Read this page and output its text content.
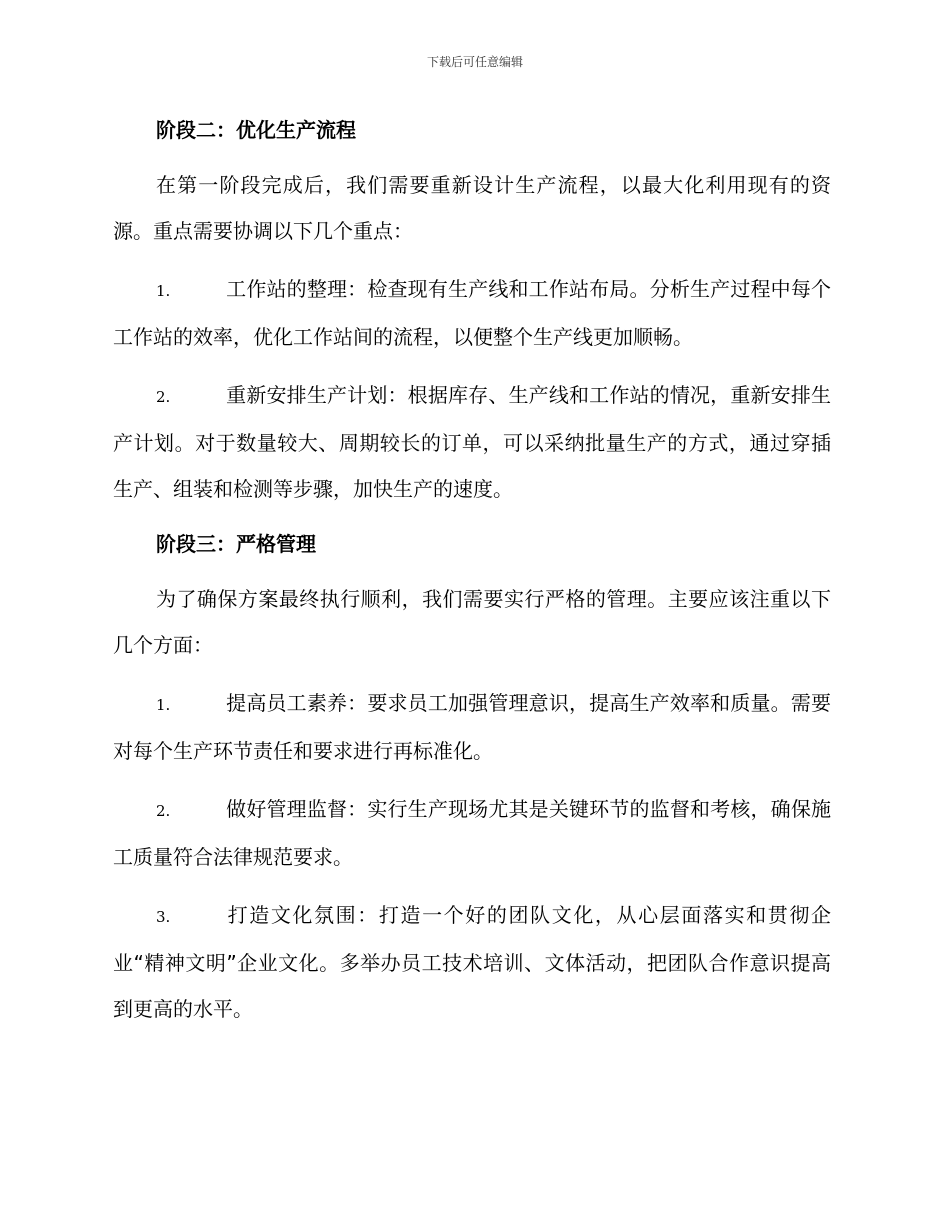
下载后可任意编辑
阶段二：优化生产流程

在第一阶段完成后，我们需要重新设计生产流程，以最大化利用现有的资源。重点需要协调以下几个重点：

1.	工作站的整理：检查现有生产线和工作站布局。分析生产过程中每个工作站的效率，优化工作站间的流程，以便整个生产线更加顺畅。

2.	重新安排生产计划：根据库存、生产线和工作站的情况，重新安排生产计划。对于数量较大、周期较长的订单，可以采纳批量生产的方式，通过穿插生产、组装和检测等步骤，加快生产的速度。

阶段三：严格管理

为了确保方案最终执行顺利，我们需要实行严格的管理。主要应该注重以下几个方面：

1.	提高员工素养：要求员工加强管理意识，提高生产效率和质量。需要对每个生产环节责任和要求进行再标准化。

2.	做好管理监督：实行生产现场尤其是关键环节的监督和考核，确保施工质量符合法律规范要求。

3.	打造文化氛围：打造一个好的团队文化，从心层面落实和贯彻企业“精神文明”企业文化。多举办员工技术培训、文体活动，把团队合作意识提高到更高的水平。
